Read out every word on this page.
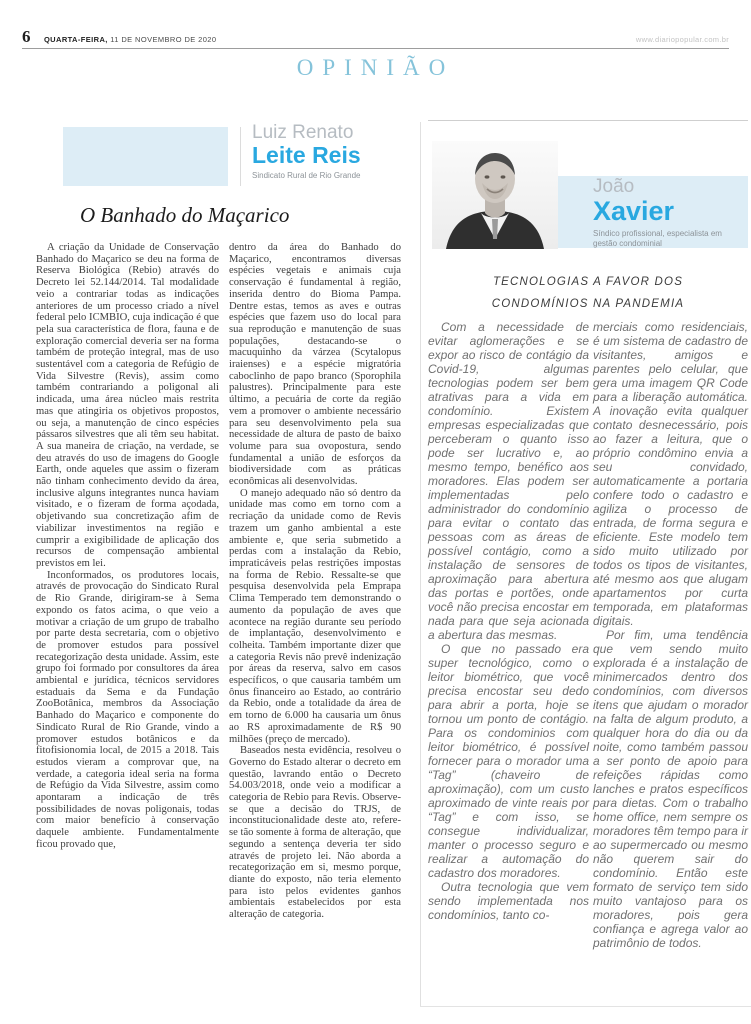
6 QUARTA-FEIRA, 11 DE NOVEMBRO DE 2020	www.diariopopular.com.br
OPINIÃO
Luiz Renato
Leite Reis
Sindicato Rural de Rio Grande
O Banhado do Maçarico

A criação da Unidade de Conservação Banhado do Maçarico se deu na forma de Reserva Biológica (Rebio) através do Decreto lei 52.144/2014. Tal modalidade veio a contrariar todas as indicações anteriores de um processo criado a nível federal pelo ICMBIO, cuja indicação é que pela sua característica de flora, fauna e de exploração comercial deveria ser na forma também de proteção integral, mas de uso sustentável com a categoria de Refúgio de Vida Silvestre (Revis), assim como também contrariando a poligonal ali indicada, uma área núcleo mais restrita mas que atingiria os objetivos propostos, ou seja, a manutenção de cinco espécies pássaros silvestres que ali têm seu habitat. A sua maneira de criação, na verdade, se deu através do uso de imagens do Google Earth, onde aqueles que assim o fizeram não tinham conhecimento devido da área, inclusive alguns integrantes nunca haviam visitado, e o fizeram de forma açodada, objetivando sua concretização afim de viabilizar investimentos na região e cumprir a exigibilidade de aplicação dos recursos de compensação ambiental previstos em lei.

Inconformados, os produtores locais, através de provocação do Sindicato Rural de Rio Grande, dirigiram-se à Sema expondo os fatos acima, o que veio a motivar a criação de um grupo de trabalho por parte desta secretaria, com o objetivo de promover estudos para possível recategorização desta unidade. Assim, este grupo foi formado por consultores da área ambiental e jurídica, técnicos servidores estaduais da Sema e da Fundação ZooBotânica, membros da Associação Banhado do Maçarico e componente do Sindicato Rural de Rio Grande, vindo a promover estudos botânicos e da fitofisionomia local, de 2015 a 2018. Tais estudos vieram a comprovar que, na verdade, a categoria ideal seria na forma de Refúgio da Vida Silvestre, assim como apontaram a indicação de três possibilidades de novas poligonais, todas com maior benefício à conservação daquele ambiente. Fundamentalmente ficou provado que,

dentro da área do Banhado do Maçarico, encontramos diversas espécies vegetais e animais cuja conservação é fundamental à região, inserida dentro do Bioma Pampa. Dentre estas, temos as aves e outras espécies que fazem uso do local para sua reprodução e manutenção de suas populações, destacando-se o macuquinho da várzea (Scytalopus iraienses) e a espécie migratória caboclinho de papo branco (Sporophila palustres). Principalmente para este último, a pecuária de corte da região vem a promover o ambiente necessário para seu desenvolvimento pela sua necessidade de altura de pasto de baixo volume para sua ovopostura, sendo fundamental a união de esforços da biodiversidade com as práticas econômicas ali desenvolvidas.

O manejo adequado não só dentro da unidade mas como em torno com a recriação da unidade como de Revis trazem um ganho ambiental a este ambiente e, que seria submetido a perdas com a instalação da Rebio, impraticáveis pelas restrições impostas na forma de Rebio. Ressalte-se que pesquisa desenvolvida pela Emprapa Clima Temperado tem demonstrando o aumento da população de aves que acontece na região durante seu período de implantação, desenvolvimento e colheita. Também importante dizer que a categoria Revis não prevê indenização por áreas da reserva, salvo em casos específicos, o que causaria também um ônus financeiro ao Estado, ao contrário da Rebio, onde a totalidade da área de em torno de 6.000 ha causaria um ônus ao RS aproximadamente de R$ 90 milhões (preço de mercado).

Baseados nesta evidência, resolveu o Governo do Estado alterar o decreto em questão, lavrando então o Decreto 54.003/2018, onde veio a modificar a categoria de Rebio para Revis. Observe-se que a decisão do TRJS, de inconstitucionalidade deste ato, refere-se tão somente à forma de alteração, que segundo a sentença deveria ter sido através de projeto lei. Não aborda a recategorização em si, mesmo porque, diante do exposto, não teria elemento para isto pelos evidentes ganhos ambientais estabelecidos por esta alteração de categoria.

João
Xavier
Síndico profissional, especialista em gestão condominial
TECNOLOGIAS A FAVOR DOS
CONDOMÍNIOS NA PANDEMIA

Com a necessidade de evitar aglomerações e se expor ao risco de contágio da Covid-19, algumas tecnologias podem ser bem atrativas para a vida em condomínio. Existem empresas especializadas que perceberam o quanto isso pode ser lucrativo e, ao mesmo tempo, benéfico aos moradores. Elas podem ser implementadas pelo administrador do condomínio para evitar o contato das pessoas com as áreas de possível contágio, como a instalação de sensores de aproximação para abertura das portas e portões, onde você não precisa encostar em nada para que seja acionada a abertura das mesmas.

O que no passado era super tecnológico, como o leitor biométrico, que você precisa encostar seu dedo para abrir a porta, hoje se tornou um ponto de contágio. Para os condominios com leitor biométrico, é possível fornecer para o morador uma “Tag” (chaveiro de aproximação), com um custo aproximado de vinte reais por “Tag” e com isso, se consegue individualizar, manter o processo seguro e realizar a automação do cadastro dos moradores.

Outra tecnologia que vem sendo implementada nos condomínios, tanto co-

merciais como residenciais, é um sistema de cadastro de visitantes, amigos e parentes pelo celular, que gera uma imagem QR Code para a liberação automática. A inovação evita qualquer contato desnecessário, pois ao fazer a leitura, que o próprio condômino envia a seu convidado, automaticamente a portaria confere todo o cadastro e agiliza o processo de entrada, de forma segura e eficiente. Este modelo tem sido muito utilizado por todos os tipos de visitantes, até mesmo aos que alugam apartamentos por curta temporada, em plataformas digitais.

Por fim, uma tendência que vem sendo muito explorada é a instalação de minimercados dentro dos condomínios, com diversos itens que ajudam o morador na falta de algum produto, a qualquer hora do dia ou da noite, como também passou a ser ponto de apoio para refeições rápidas como lanches e pratos específicos para dietas. Com o trabalho home office, nem sempre os moradores têm tempo para ir ao supermercado ou mesmo não querem sair do condomínio. Então este formato de serviço tem sido muito vantajoso para os moradores, pois gera confiança e agrega valor ao patrimônio de todos.
